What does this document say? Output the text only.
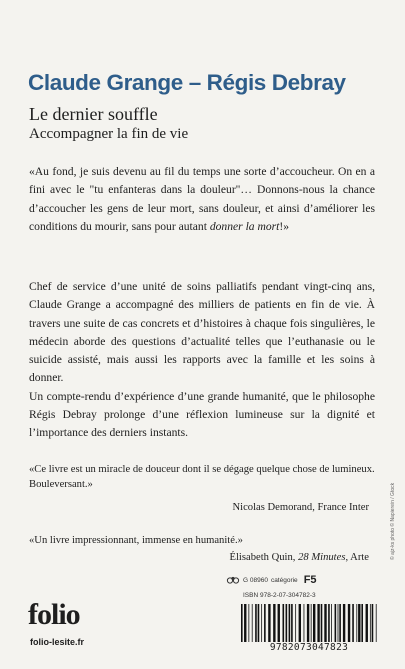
Claude Grange – Régis Debray
Le dernier souffle
Accompagner la fin de vie
«Au fond, je suis devenu au fil du temps une sorte d’accoucheur. On en a fini avec le "tu enfanteras dans la douleur"… Donnons-nous la chance d’accoucher les gens de leur mort, sans douleur, et ainsi d’améliorer les conditions du mourir, sans pour autant donner la mort!»
Chef de service d’une unité de soins palliatifs pendant vingt-cinq ans, Claude Grange a accompagné des milliers de patients en fin de vie. À travers une suite de cas concrets et d’histoires à chaque fois singulières, le médecin aborde des questions d’actualité telles que l’euthanasie ou le suicide assisté, mais aussi les rapports avec la famille et les soins à donner.
Un compte-rendu d’expérience d’une grande humanité, que le philosophe Régis Debray prolonge d’une réflexion lumineuse sur la dignité et l’importance des derniers instants.
«Ce livre est un miracle de douceur dont il se dégage quelque chose de lumineux. Bouleversant.»
Nicolas Demorand, France Inter
«Un livre impressionnant, immense en humanité.»
Élisabeth Quin, 28 Minutes, Arte
folio
folio-lesite.fr
G 08960 catégorie F5
ISBN 978-2-07-304782-3
9782073047823
© ajz-ks photo © Napierein / Gtock
